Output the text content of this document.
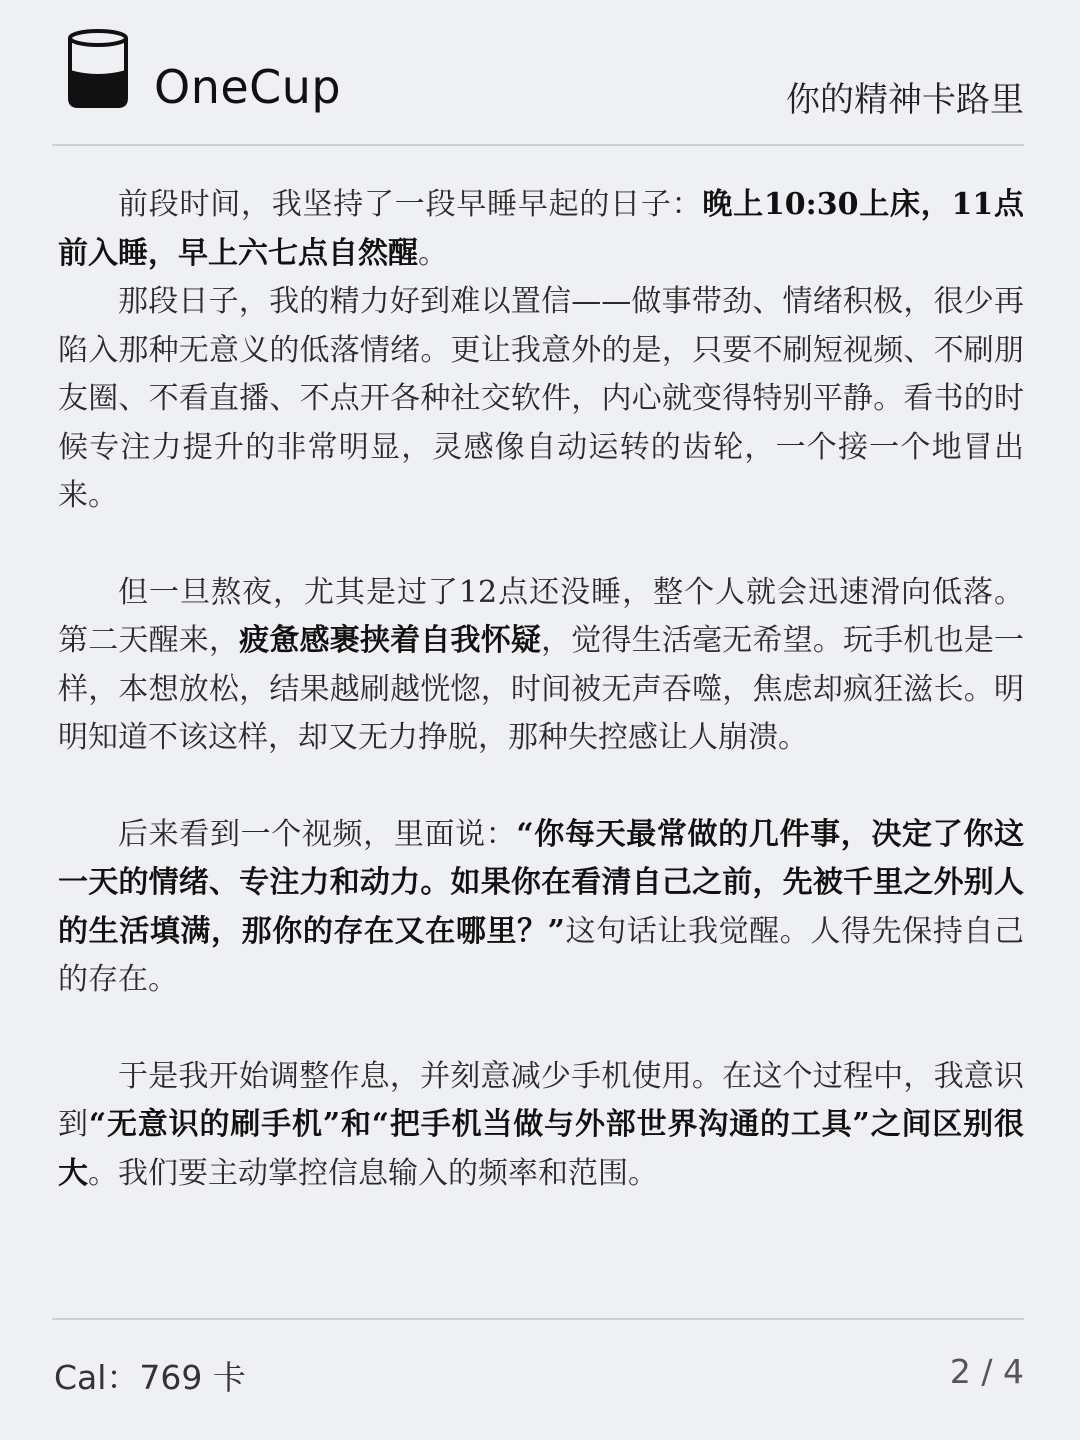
OneCup	你的精神卡路里

前段时间，我坚持了一段早睡早起的日子：晚上10:30上床，11点前入睡，早上六七点自然醒。

那段日子，我的精力好到难以置信——做事带劲、情绪积极，很少再陷入那种无意义的低落情绪。更让我意外的是，只要不刷短视频、不刷朋友圈、不看直播、不点开各种社交软件，内心就变得特别平静。看书的时候专注力提升的非常明显，灵感像自动运转的齿轮，一个接一个地冒出来。

但一旦熬夜，尤其是过了12点还没睡，整个人就会迅速滑向低落。第二天醒来，疲惫感裹挟着自我怀疑，觉得生活毫无希望。玩手机也是一样，本想放松，结果越刷越恍惚，时间被无声吞噬，焦虑却疯狂滋长。明明知道不该这样，却又无力挣脱，那种失控感让人崩溃。

后来看到一个视频，里面说：“你每天最常做的几件事，决定了你这一天的情绪、专注力和动力。如果你在看清自己之前，先被千里之外别人的生活填满，那你的存在又在哪里？”这句话让我觉醒。人得先保持自己的存在。

于是我开始调整作息，并刻意减少手机使用。在这个过程中，我意识到“无意识的刷手机”和“把手机当做与外部世界沟通的工具”之间区别很大。我们要主动掌控信息输入的频率和范围。

Cal：769 卡	2 / 4
